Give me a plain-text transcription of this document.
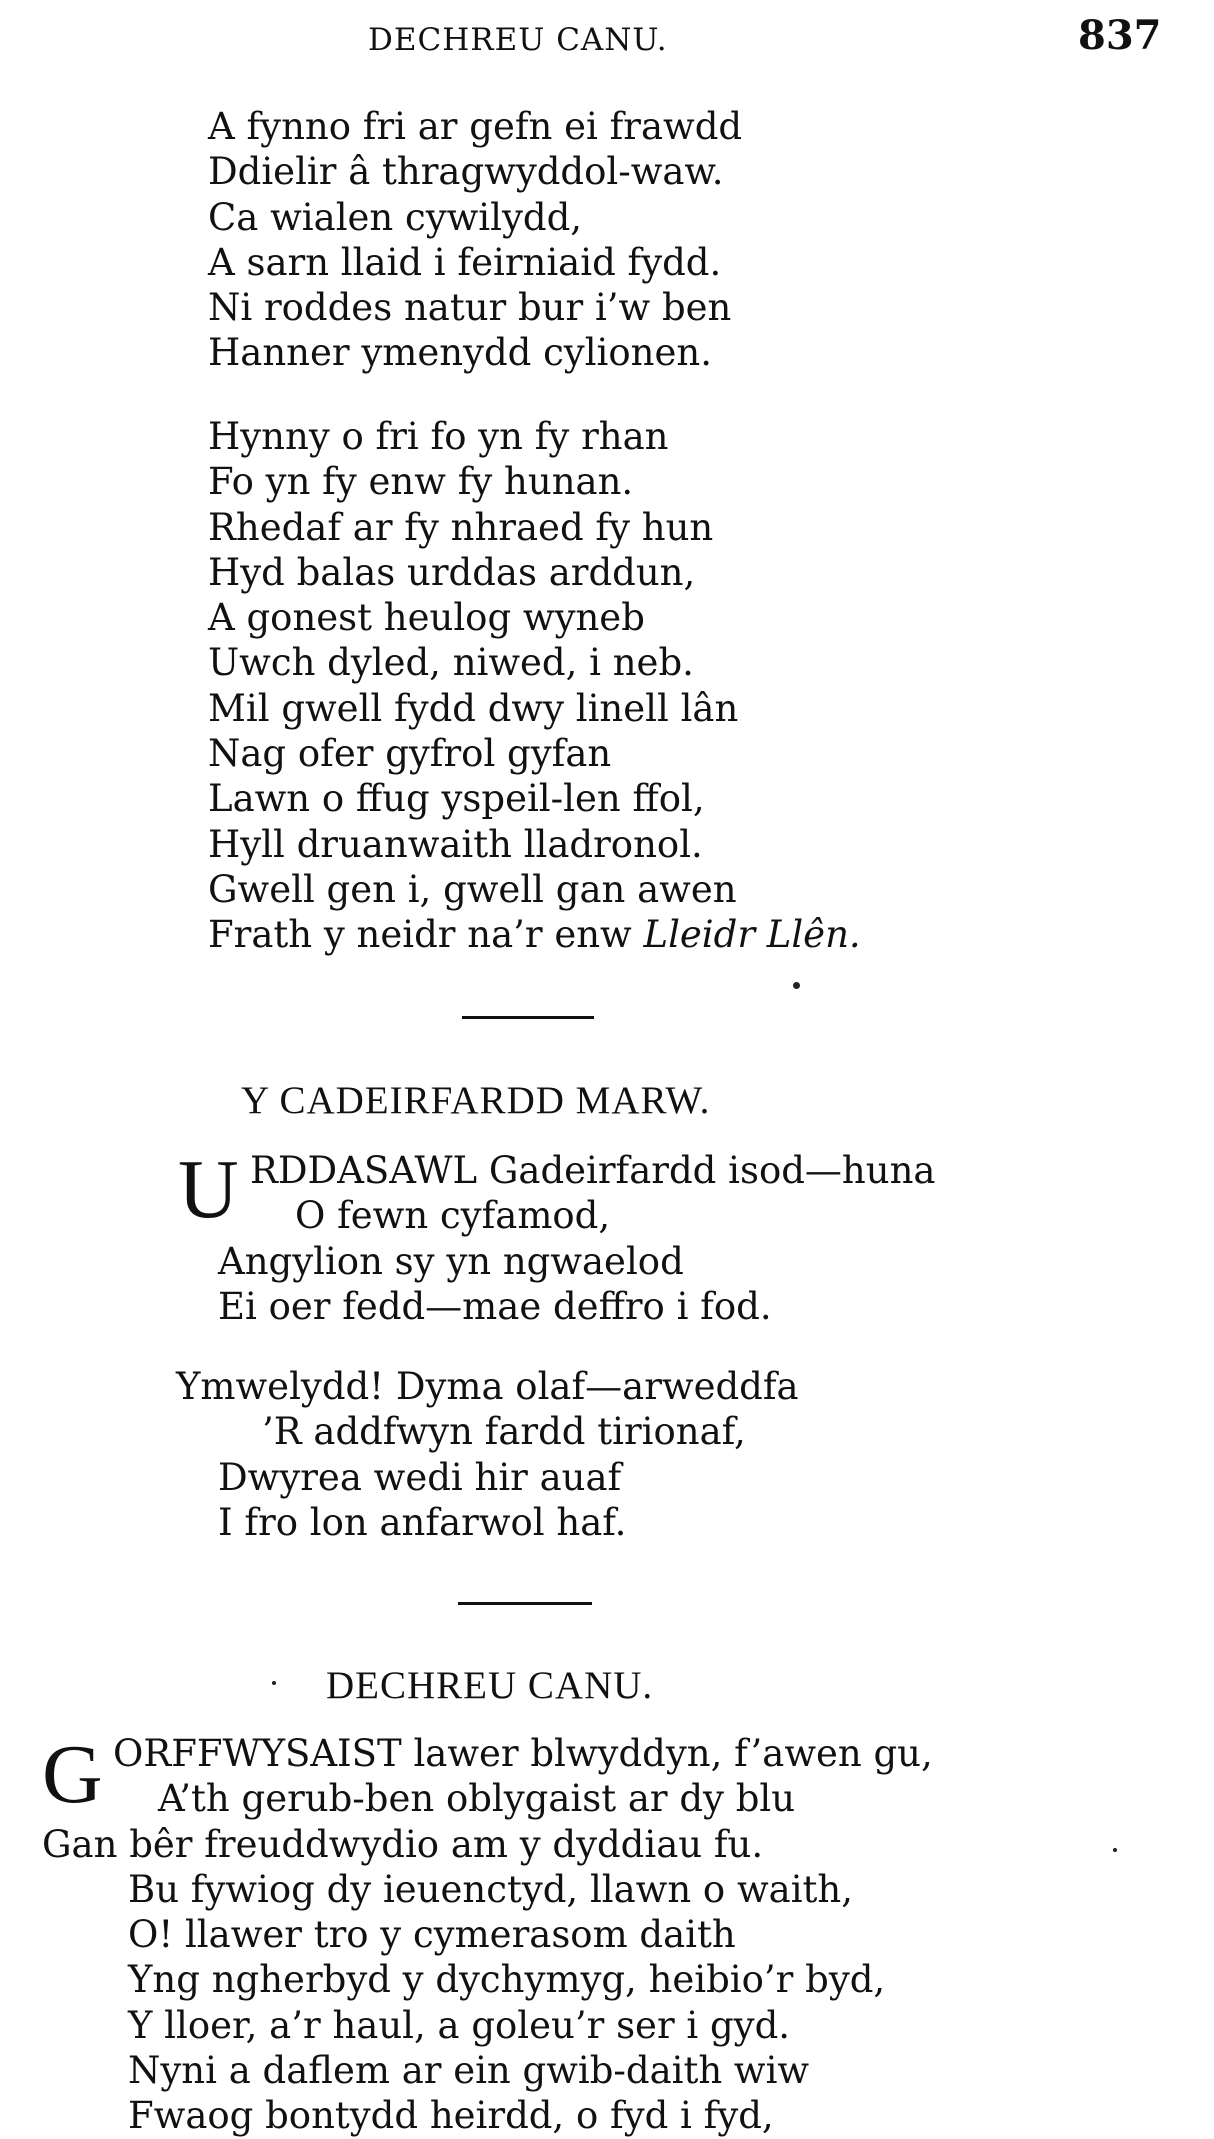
DECHREU CANU.	837
A fynno fri ar gefn ei frawdd
Ddielir â thragwyddol-waw.
Ca wialen cywilydd,
A sarn llaid i feirniaid fydd.
Ni roddes natur bur i’w ben
Hanner ymenydd cylionen.
Hynny o fri fo yn fy rhan
Fo yn fy enw fy hunan.
Rhedaf ar fy nhraed fy hun
Hyd balas urddas arddun,
A gonest heulog wyneb
Uwch dyled, niwed, i neb.
Mil gwell fydd dwy linell lân
Nag ofer gyfrol gyfan
Lawn o ffug yspeil-len ffol,
Hyll druanwaith lladronol.
Gwell gen i, gwell gan awen
Frath y neidr na’r enw Lleidr Llên.
Y CADEIRFARDD MARW.
U RDDASAWL Gadeirfardd isod—huna
O fewn cyfamod,
Angylion sy yn ngwaelod
Ei oer fedd—mae deffro i fod.
Ymwelydd! Dyma olaf—arweddfa
’R addfwyn fardd tirionaf,
Dwyrea wedi hir auaf
I fro lon anfarwol haf.
DECHREU CANU.
G ORFFWYSAIST lawer blwyddyn, f’awen gu,
A’th gerub-ben oblygaist ar dy blu
Gan bêr freuddwydio am y dyddiau fu.
Bu fywiog dy ieuenctyd, llawn o waith,
O! llawer tro y cymerasom daith
Yng ngherbyd y dychymyg, heibio’r byd,
Y lloer, a’r haul, a goleu’r ser i gyd.
Nyni a daflem ar ein gwib-daith wiw
Fwaog bontydd heirdd, o fyd i fyd,
